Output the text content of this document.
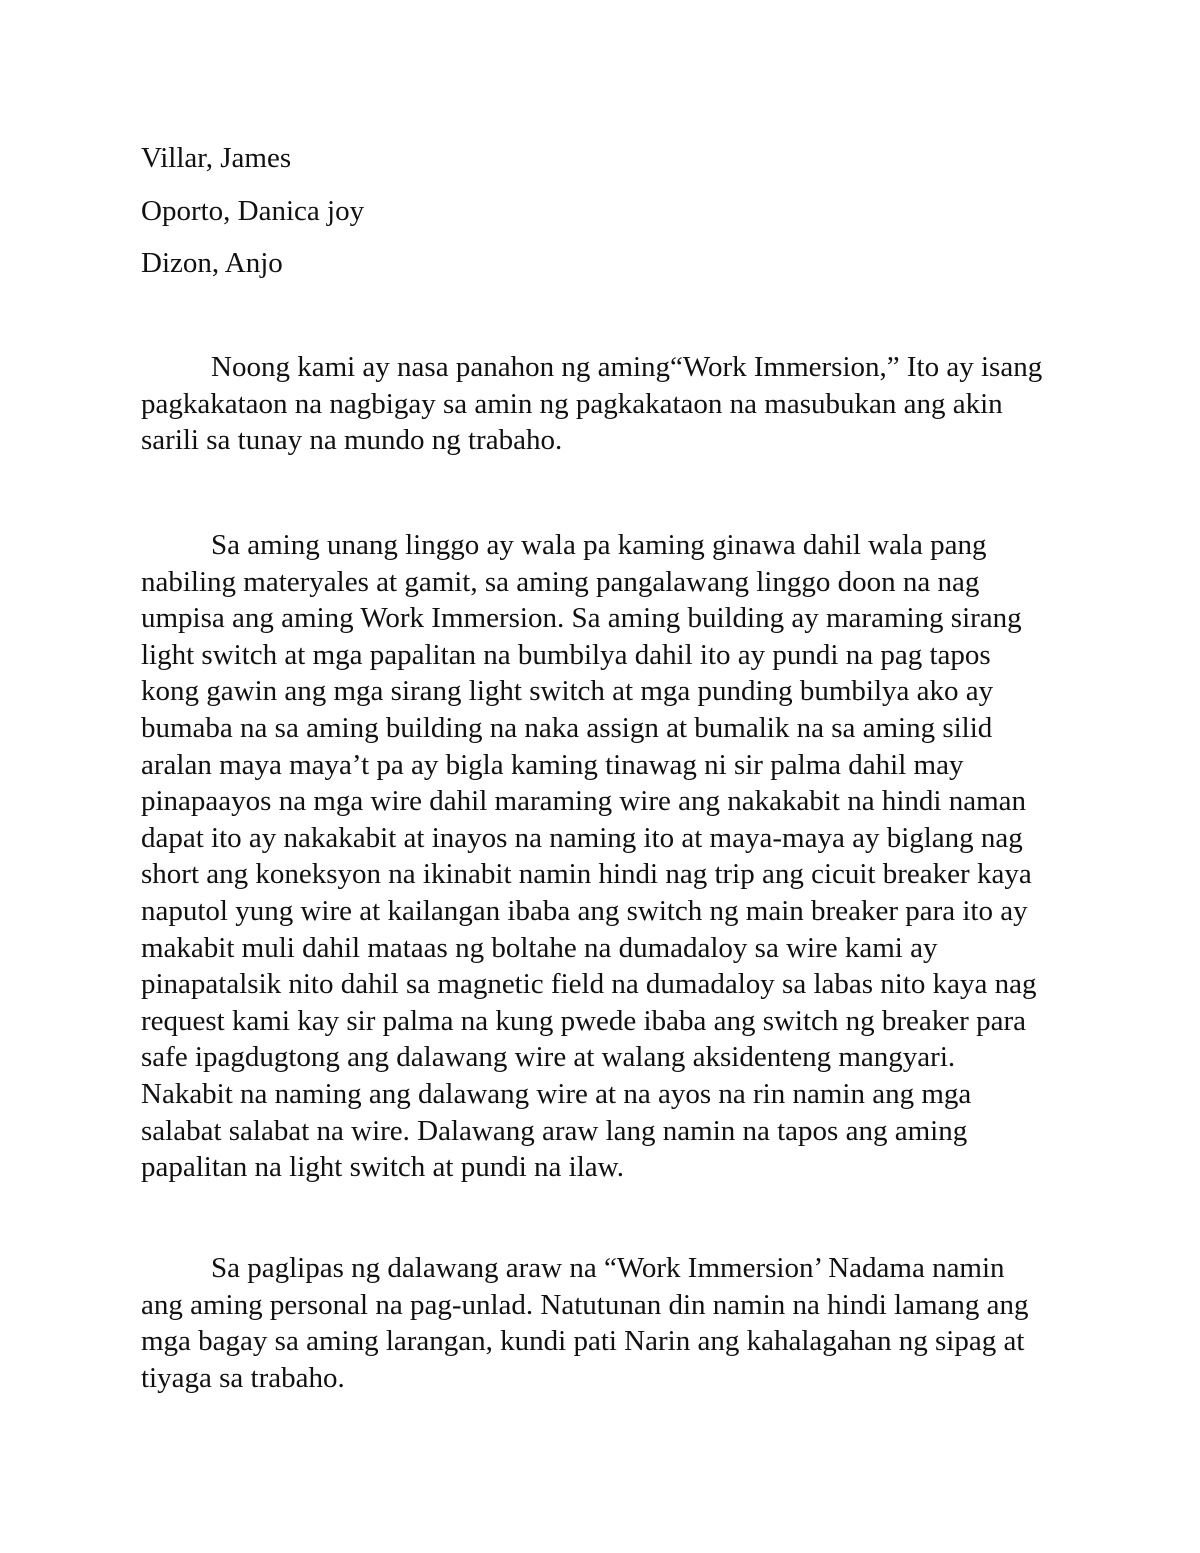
Villar, James
Oporto, Danica joy
Dizon, Anjo
Noong kami ay nasa panahon ng aming“Work Immersion,” Ito ay isang
pagkakataon na nagbigay sa amin ng pagkakataon na masubukan ang akin
sarili sa tunay na mundo ng trabaho.
Sa aming unang linggo ay wala pa kaming ginawa dahil wala pang
nabiling materyales at gamit, sa aming pangalawang linggo doon na nag
umpisa ang aming Work Immersion. Sa aming building ay maraming sirang
light switch at mga papalitan na bumbilya dahil ito ay pundi na pag tapos
kong gawin ang mga sirang light switch at mga punding bumbilya ako ay
bumaba na sa aming building na naka assign at bumalik na sa aming silid
aralan maya maya’t pa ay bigla kaming tinawag ni sir palma dahil may
pinapaayos na mga wire dahil maraming wire ang nakakabit na hindi naman
dapat ito ay nakakabit at inayos na naming ito at maya-maya ay biglang nag
short ang koneksyon na ikinabit namin hindi nag trip ang cicuit breaker kaya
naputol yung wire at kailangan ibaba ang switch ng main breaker para ito ay
makabit muli dahil mataas ng boltahe na dumadaloy sa wire kami ay
pinapatalsik nito dahil sa magnetic field na dumadaloy sa labas nito kaya nag
request kami kay sir palma na kung pwede ibaba ang switch ng breaker para
safe ipagdugtong ang dalawang wire at walang aksidenteng mangyari.
Nakabit na naming ang dalawang wire at na ayos na rin namin ang mga
salabat salabat na wire. Dalawang araw lang namin na tapos ang aming
papalitan na light switch at pundi na ilaw.
Sa paglipas ng dalawang araw na “Work Immersion’ Nadama namin
ang aming personal na pag-unlad. Natutunan din namin na hindi lamang ang
mga bagay sa aming larangan, kundi pati Narin ang kahalagahan ng sipag at
tiyaga sa trabaho.
